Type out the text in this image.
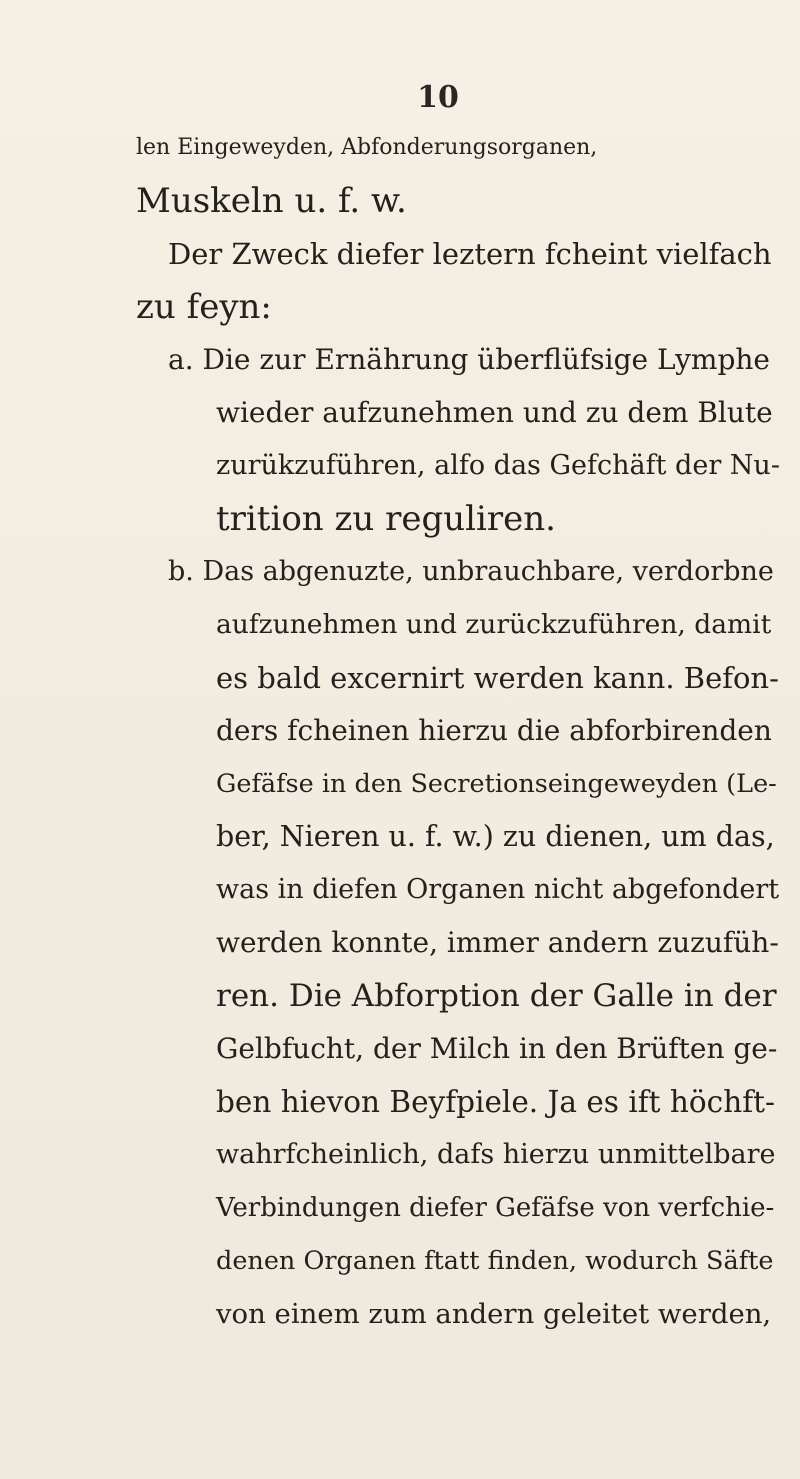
10
len Eingeweyden, Abfonderungsorganen,
Muskeln u. f. w.
Der Zweck diefer leztern fcheint vielfach
zu feyn:
a. Die zur Ernährung überflüfsige Lymphe
wieder aufzunehmen und zu dem Blute
zurükzuführen, alfo das Gefchäft der Nu-
trition zu reguliren.
b. Das abgenuzte, unbrauchbare, verdorbne
aufzunehmen und zurückzuführen, damit
es bald excernirt werden kann. Befon-
ders fcheinen hierzu die abforbirenden
Gefäfse in den Secretionseingeweyden (Le-
ber, Nieren u. f. w.) zu dienen, um das,
was in diefen Organen nicht abgefondert
werden konnte, immer andern zuzufüh-
ren. Die Abforption der Galle in der
Gelbfucht, der Milch in den Brüften ge-
ben hievon Beyfpiele. Ja es ift höchft-
wahrfcheinlich, dafs hierzu unmittelbare
Verbindungen diefer Gefäfse von verfchie-
denen Organen ftatt finden, wodurch Säfte
von einem zum andern geleitet werden,
